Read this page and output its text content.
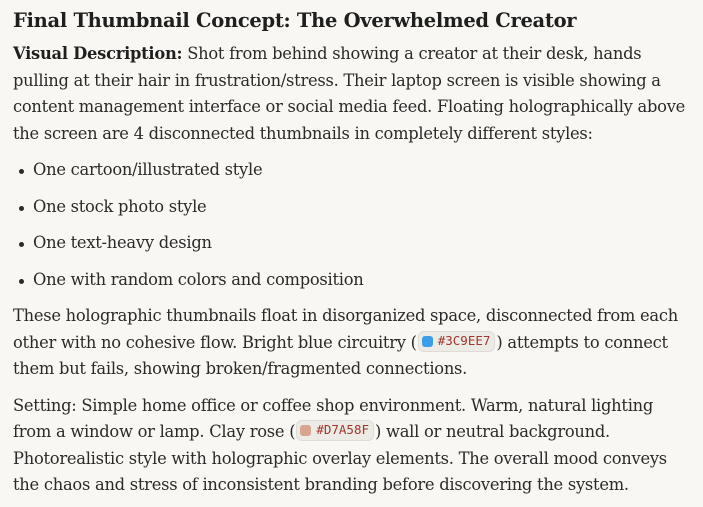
Final Thumbnail Concept: The Overwhelmed Creator

Visual Description: Shot from behind showing a creator at their desk, hands pulling at their hair in frustration/stress. Their laptop screen is visible showing a content management interface or social media feed. Floating holographically above the screen are 4 disconnected thumbnails in completely different styles:

One cartoon/illustrated style
One stock photo style
One text-heavy design
One with random colors and composition

These holographic thumbnails float in disorganized space, disconnected from each other with no cohesive flow. Bright blue circuitry ( #3C9EE7 ) attempts to connect them but fails, showing broken/fragmented connections.

Setting: Simple home office or coffee shop environment. Warm, natural lighting from a window or lamp. Clay rose ( #D7A58F ) wall or neutral background. Photorealistic style with holographic overlay elements. The overall mood conveys the chaos and stress of inconsistent branding before discovering the system.
